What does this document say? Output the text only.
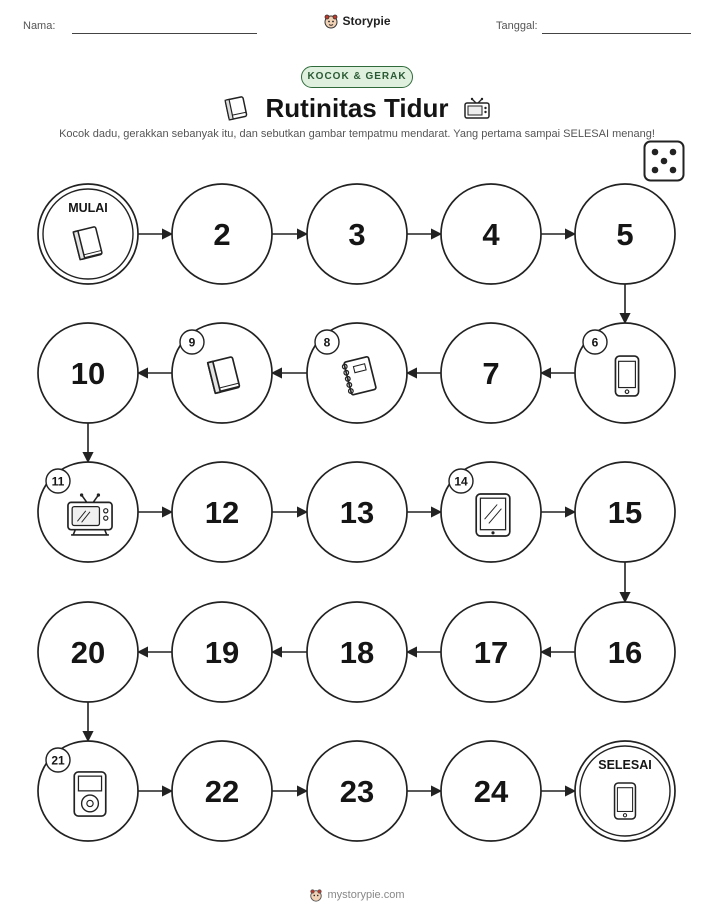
Nama:	Storypie	Tanggal:
KOCOK & GERAK
Rutinitas Tidur
Kocok dadu, gerakkan sebanyak itu, dan sebutkan gambar tempatmu mendarat. Yang pertama sampai SELESAI menang!
MULAI
2	3	4	5
6
7
8
9
10
11
12	13
14
15
16
17
18
19
20
21
22	23	24
SELESAI
mystorypie.com
